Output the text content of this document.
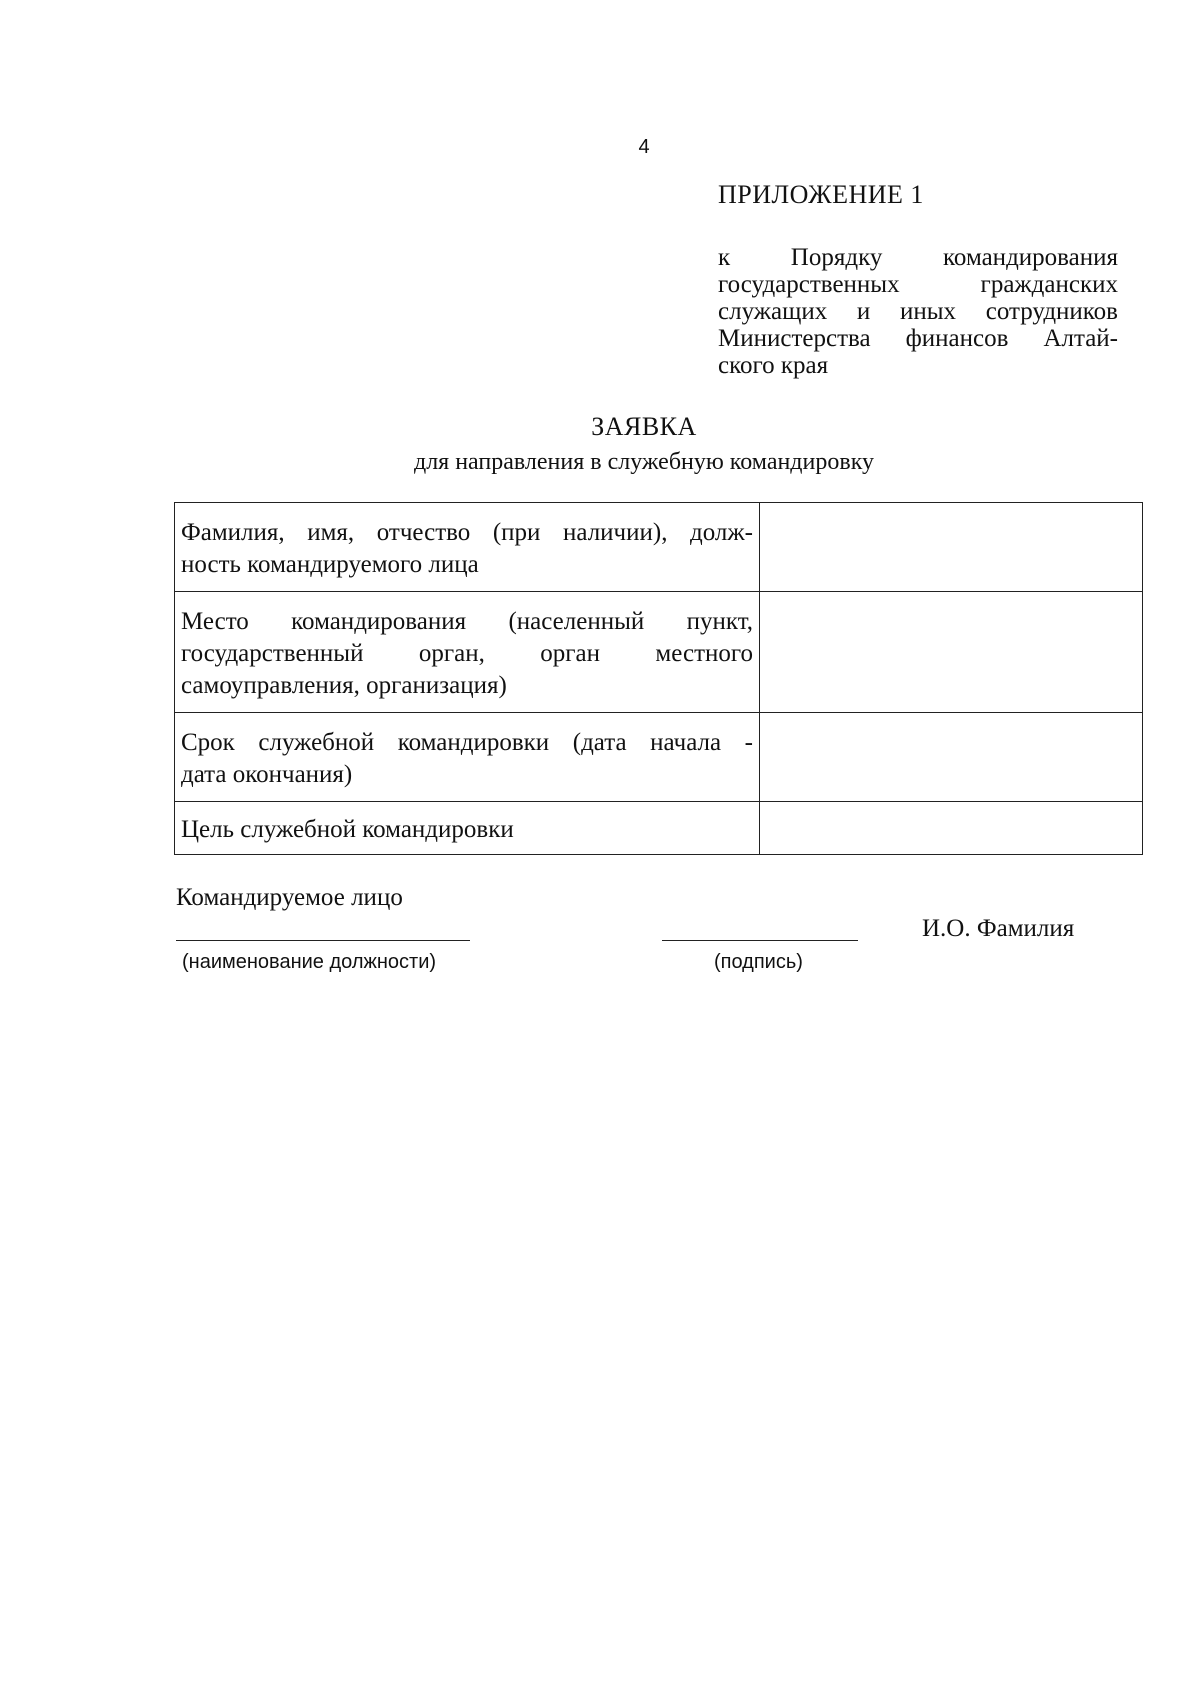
4
ПРИЛОЖЕНИЕ 1
к Порядку командирования
государственных гражданских
служащих и иных сотрудников
Министерства финансов Алтай-
ского края
ЗАЯВКА
для направления в служебную командировку
Фамилия, имя, отчество (при наличии), долж-
ность командируемого лица	

Место командирования (населенный пункт,
государственный орган, орган местного
самоуправления, организация)	

Срок служебной командировки (дата начала -
дата окончания)	

Цель служебной командировки	

Командируемое лицо
И.О. Фамилия
(наименование должности)	(подпись)
